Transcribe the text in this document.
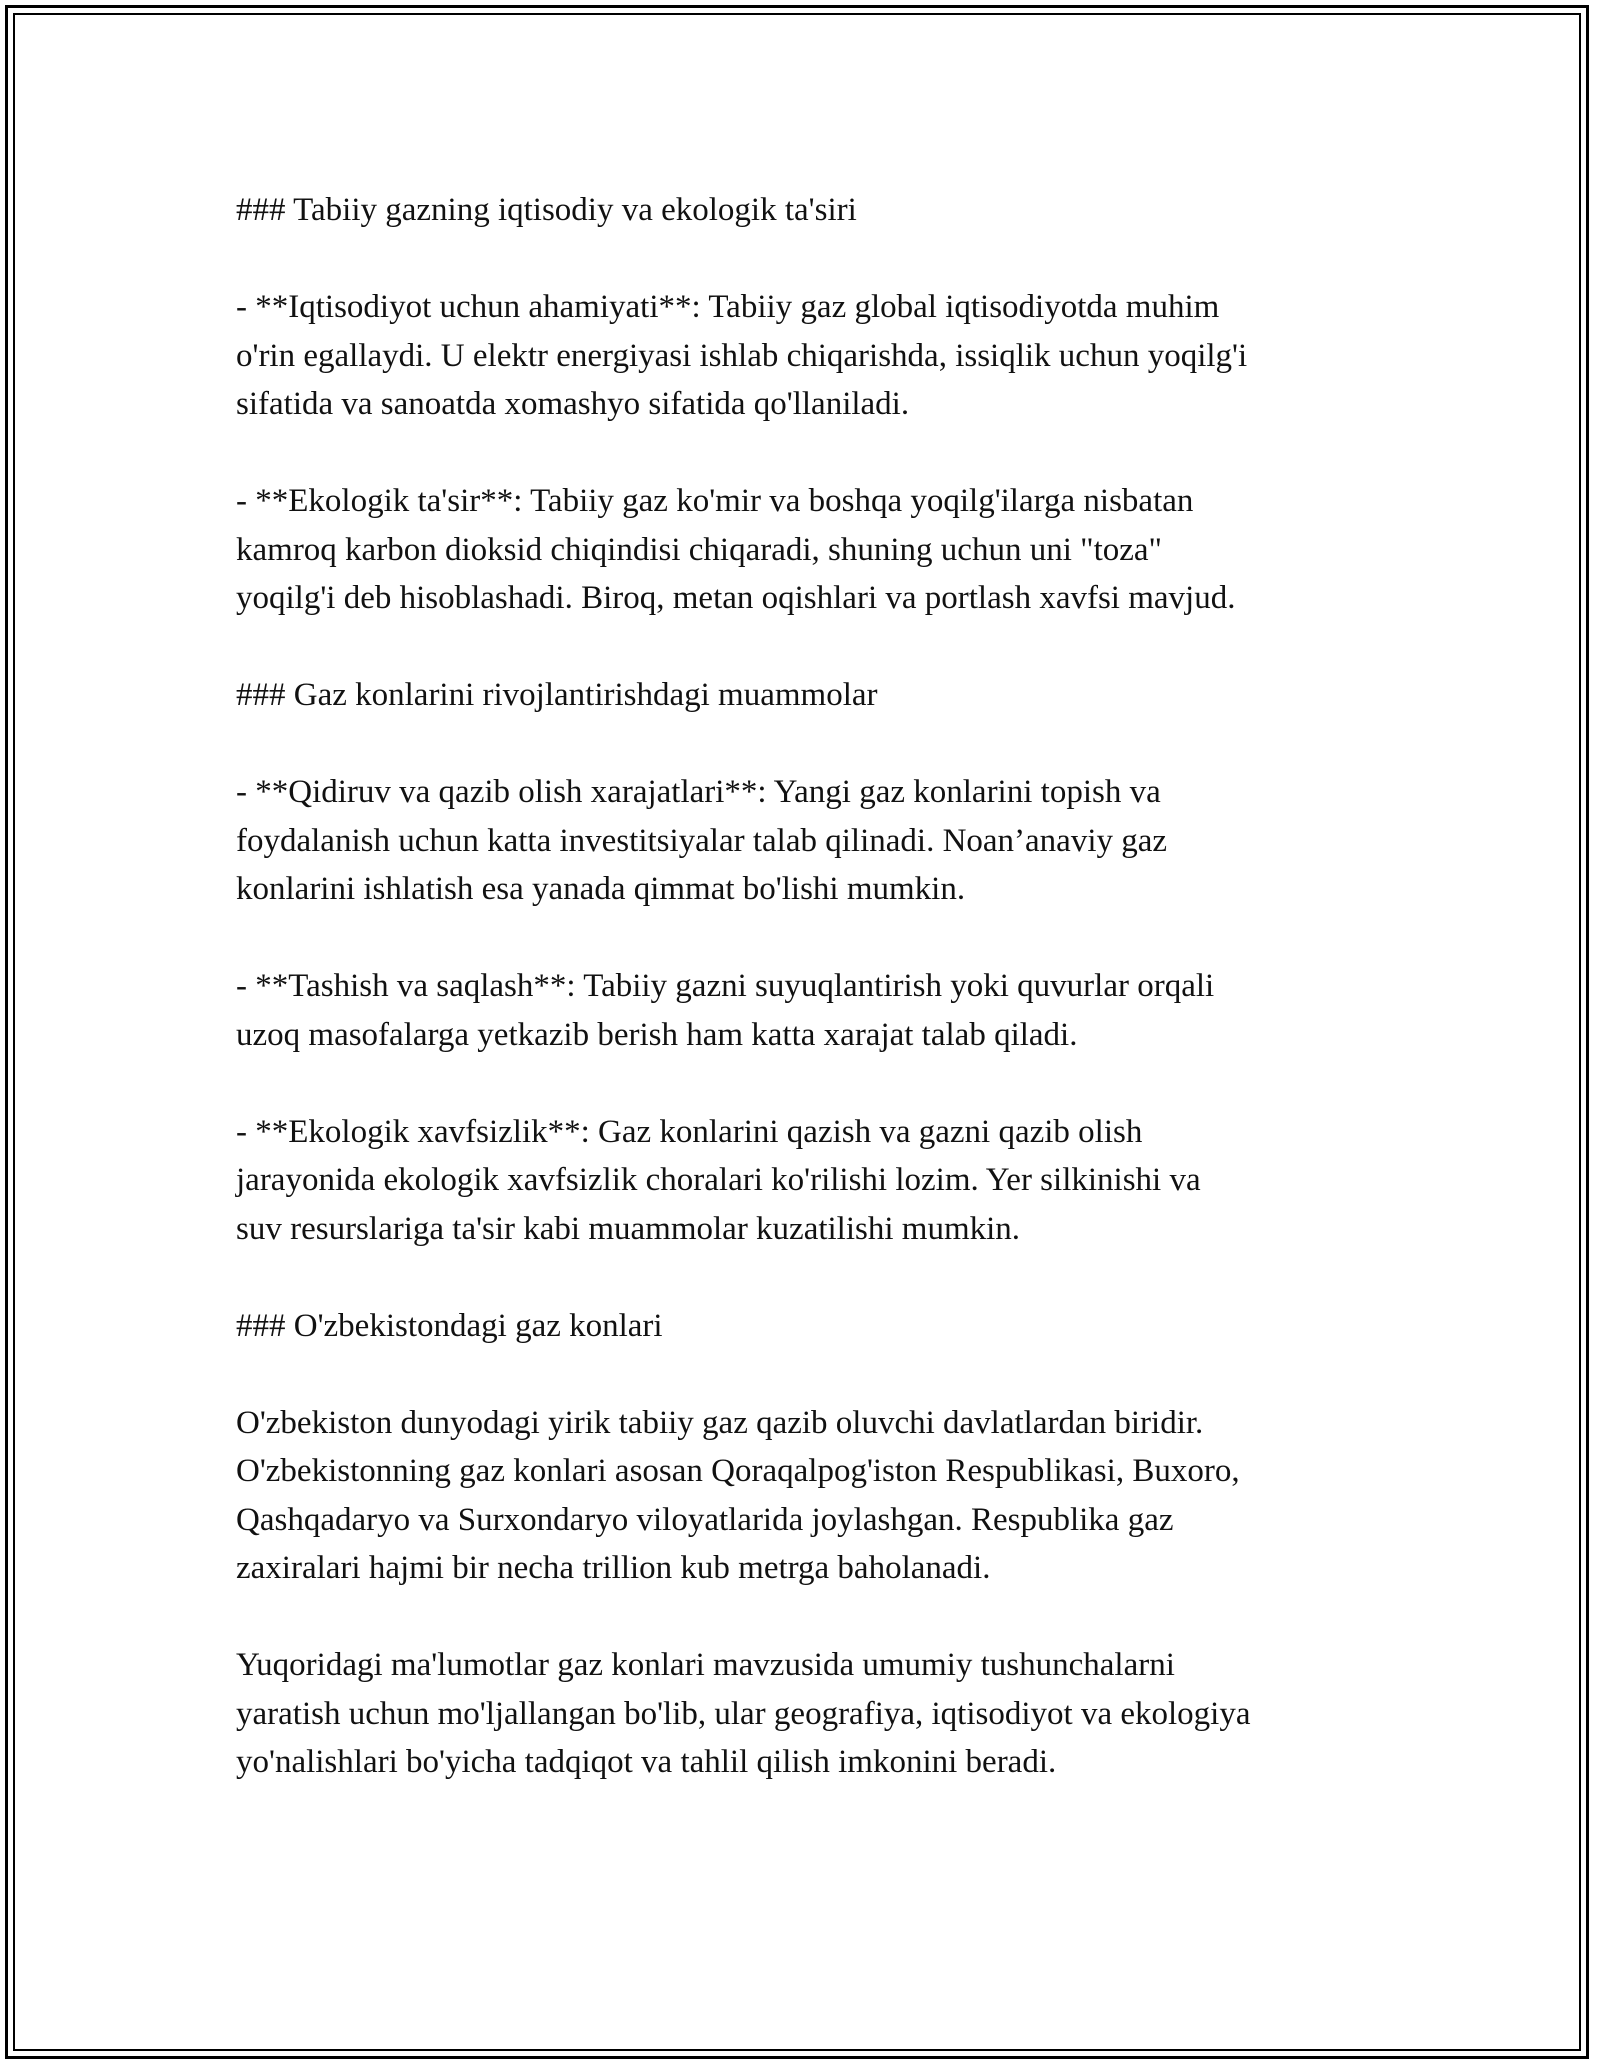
### Tabiiy gazning iqtisodiy va ekologik ta'siri
- **Iqtisodiyot uchun ahamiyati**: Tabiiy gaz global iqtisodiyotda muhim
o'rin egallaydi. U elektr energiyasi ishlab chiqarishda, issiqlik uchun yoqilg'i
sifatida va sanoatda xomashyo sifatida qo'llaniladi.
- **Ekologik ta'sir**: Tabiiy gaz ko'mir va boshqa yoqilg'ilarga nisbatan
kamroq karbon dioksid chiqindisi chiqaradi, shuning uchun uni "toza"
yoqilg'i deb hisoblashadi. Biroq, metan oqishlari va portlash xavfsi mavjud.
### Gaz konlarini rivojlantirishdagi muammolar
- **Qidiruv va qazib olish xarajatlari**: Yangi gaz konlarini topish va
foydalanish uchun katta investitsiyalar talab qilinadi. Noan’anaviy gaz
konlarini ishlatish esa yanada qimmat bo'lishi mumkin.
- **Tashish va saqlash**: Tabiiy gazni suyuqlantirish yoki quvurlar orqali
uzoq masofalarga yetkazib berish ham katta xarajat talab qiladi.
- **Ekologik xavfsizlik**: Gaz konlarini qazish va gazni qazib olish
jarayonida ekologik xavfsizlik choralari ko'rilishi lozim. Yer silkinishi va
suv resurslariga ta'sir kabi muammolar kuzatilishi mumkin.
### O'zbekistondagi gaz konlari
O'zbekiston dunyodagi yirik tabiiy gaz qazib oluvchi davlatlardan biridir.
O'zbekistonning gaz konlari asosan Qoraqalpog'iston Respublikasi, Buxoro,
Qashqadaryo va Surxondaryo viloyatlarida joylashgan. Respublika gaz
zaxiralari hajmi bir necha trillion kub metrga baholanadi.
Yuqoridagi ma'lumotlar gaz konlari mavzusida umumiy tushunchalarni
yaratish uchun mo'ljallangan bo'lib, ular geografiya, iqtisodiyot va ekologiya
yo'nalishlari bo'yicha tadqiqot va tahlil qilish imkonini beradi.
